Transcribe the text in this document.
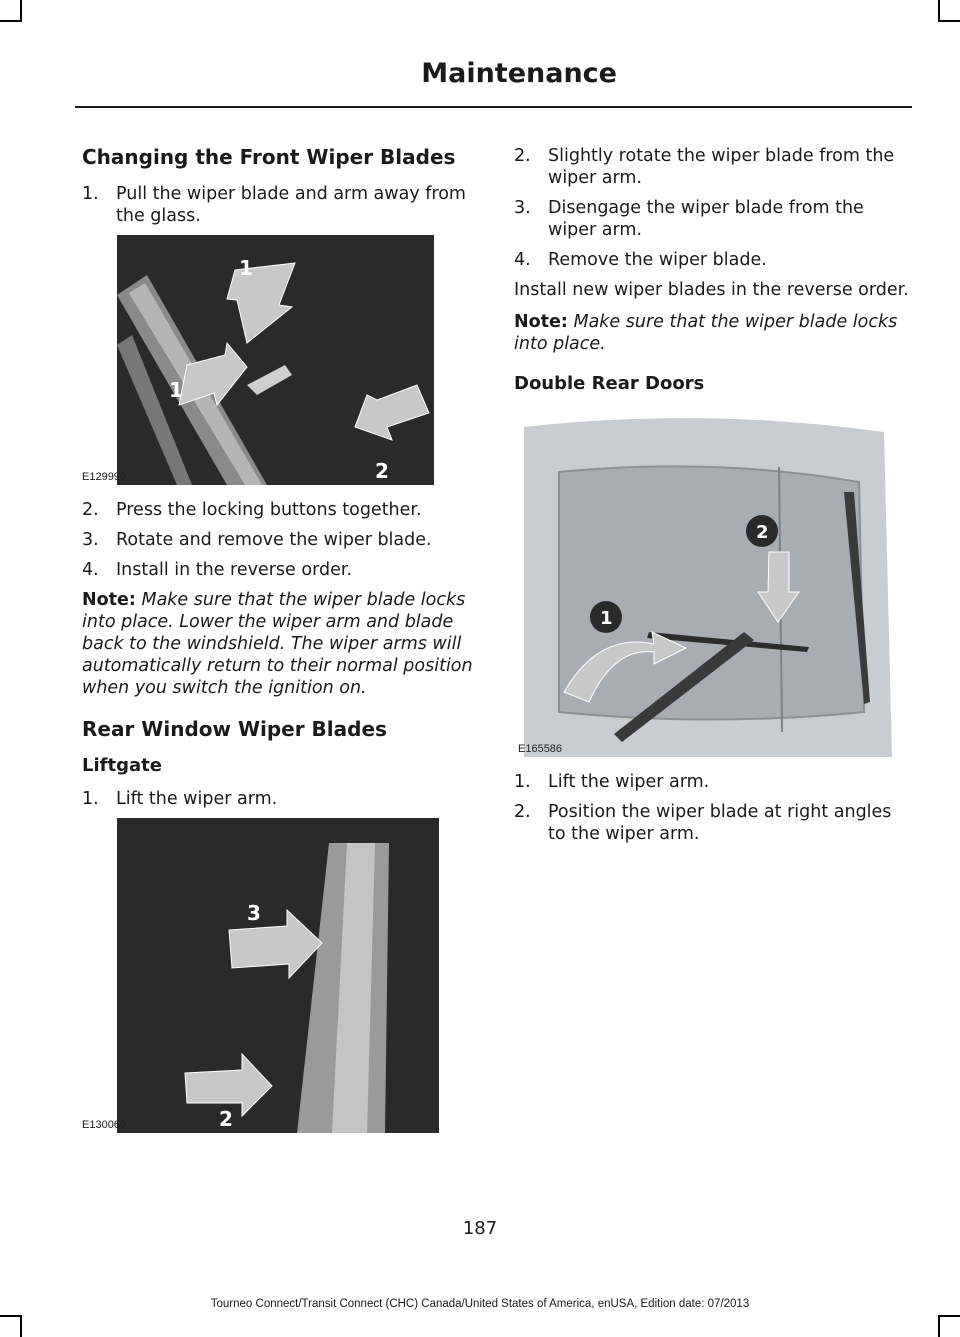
Maintenance
Changing the Front Wiper Blades
1. Pull the wiper blade and arm away from the glass.
1
1
2
E129990
2. Press the locking buttons together.
3. Rotate and remove the wiper blade.
4. Install in the reverse order.

Note: Make sure that the wiper blade locks into place. Lower the wiper arm and blade back to the windshield. The wiper arms will automatically return to their normal position when you switch the ignition on.

Rear Window Wiper Blades
Liftgate
1. Lift the wiper arm.
3
2
E130060
2. Slightly rotate the wiper blade from the wiper arm.
3. Disengage the wiper blade from the wiper arm.
4. Remove the wiper blade.

Install new wiper blades in the reverse order.

Note: Make sure that the wiper blade locks into place.

Double Rear Doors
2
1
E165586
1. Lift the wiper arm.
2. Position the wiper blade at right angles to the wiper arm.
187
Tourneo Connect/Transit Connect (CHC) Canada/United States of America, enUSA, Edition date: 07/2013
